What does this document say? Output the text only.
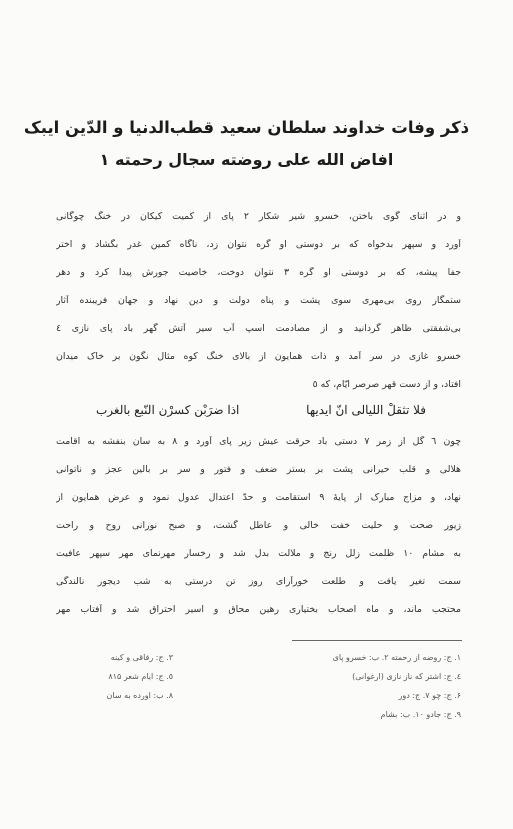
ذکر وفات خداوند سلطان سعید قطب‌الدنیا و الدّین ایبک
افاض الله علی روضته سجال رحمته ١
و در اثنای گوی باختن، خسرو شیر شکار ٢ پای از کمیت کیکان در خنگ چوگانی
آورد و سپهر بدخواه که بر دوستی او گره نتوان زد، ناگاه کمین غدر بگشاد و اختر
جفا پیشه، که بر دوستی او گره ٣ نتوان دوخت، خاصیت جورش پیدا کرد و دهر
ستمگار روی بی‌مهری سوی پشت و پناه دولت و دین نهاد و جهان فریبنده آثار
بی‌شفقتی ظاهر گردانید و از مصادمت اسپ آب سیر آتش گهر باد پای نازی ٤
خسرو غازی در سر آمد و ذات همایون از بالای خنگ کوه مثال نگون بر خاک میدان
افتاد، و از دست قهر صرصر ایّام، که ٥
فلا تثقلْ اللیالی انّ ایدیها
اذا ضرَبْن کسرْن النّبع بالغرب
چون ٦ گل از زمر ٧ دستی باد حرقت عیش زیر پای آورد و ٨ به سان بنفشه به اقامت
هلالی و قلب حیرانی پشت بر بستر ضعف و فتور و سر بر بالین عجز و ناتوانی
نهاد، و مزاج مبارک از پایهٔ ٩ استقامت و حدّ اعتدال عدول نمود و عرض همایون از
زیور صحت و حلیت خفت خالی و عاطل گشت، و صبح نورانی روح و راحت
به مشام ١٠ ظلمت زلل رنج و ملالت بدل شد و رخسار مهرنمای مهر سپهر عافیت
سمت تغیر یافت و طلعت خورآرای روز تن درستی به شب دیجور نالندگی
محتجب ماند، و ماه اصحاب بختیاری رهین محاق و اسیر احتراق شد و آفتاب مهر
١. ج: روضه از رحمته ٢. ب: خسرو پای
٣. ج: رفاقی و کینه
٤. ج: اشتر که ناز نازی (ارغوانی)
٥. ج: ایام شعر ٨١۵
۶. ج: چو ٧. ج: دور
٨. ب: اورده به سان
٩. ج: جادو ١٠. ب: بشام
